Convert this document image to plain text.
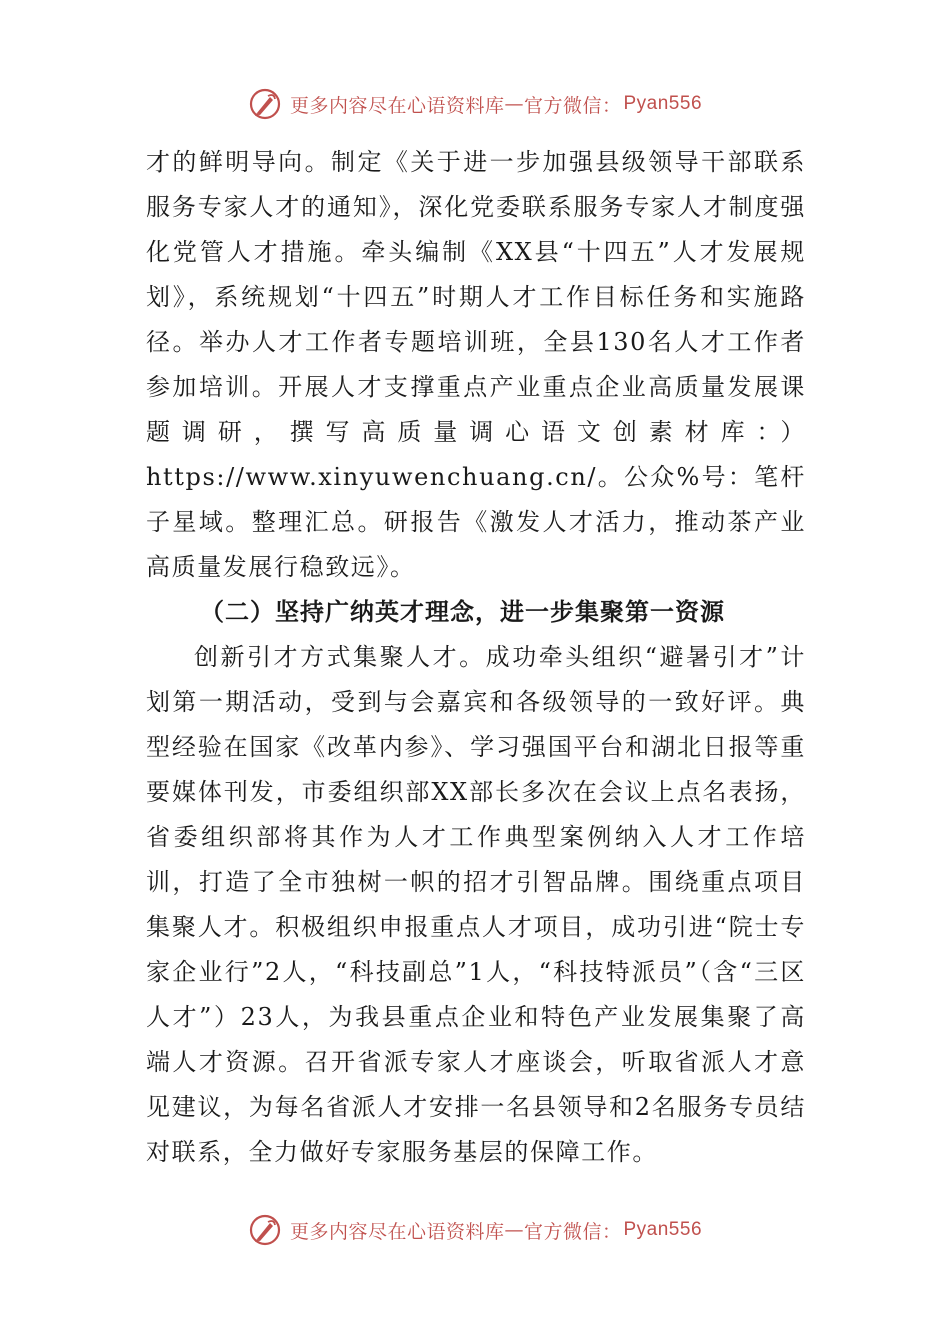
更多内容尽在心语资料库 — 官方微信： Pyan556

才的鲜明导向。制定《关于进一步加强县级领导干部联系服务专家人才的通知》，深化党委联系服务专家人才制度强化党管人才措施。牵头编制《XX县“十四五”人才发展规划》，系统规划“十四五”时期人才工作目标任务和实施路径。举办人才工作者专题培训班，全县130名人才工作者参加培训。开展人才支撑重点产业重点企业高质量发展课题调研，撰写高质量调心语文创素材库：）https://www.xinyuwenchuang.cn/。公众%号：笔杆子星域。整理汇总。研报告《激发人才活力，推动茶产业高质量发展行稳致远》。

（二）坚持广纳英才理念，进一步集聚第一资源

创新引才方式集聚人才。成功牵头组织“避暑引才”计划第一期活动，受到与会嘉宾和各级领导的一致好评。典型经验在国家《改革内参》、学习强国平台和湖北日报等重要媒体刊发，市委组织部XX部长多次在会议上点名表扬，省委组织部将其作为人才工作典型案例纳入人才工作培训，打造了全市独树一帜的招才引智品牌。围绕重点项目集聚人才。积极组织申报重点人才项目，成功引进“院士专家企业行”2人，“科技副总”1人，“科技特派员”（含“三区人才”）23人，为我县重点企业和特色产业发展集聚了高端人才资源。召开省派专家人才座谈会，听取省派人才意见建议，为每名省派人才安排一名县领导和2名服务专员结对联系，全力做好专家服务基层的保障工作。

更多内容尽在心语资料库 — 官方微信： Pyan556
